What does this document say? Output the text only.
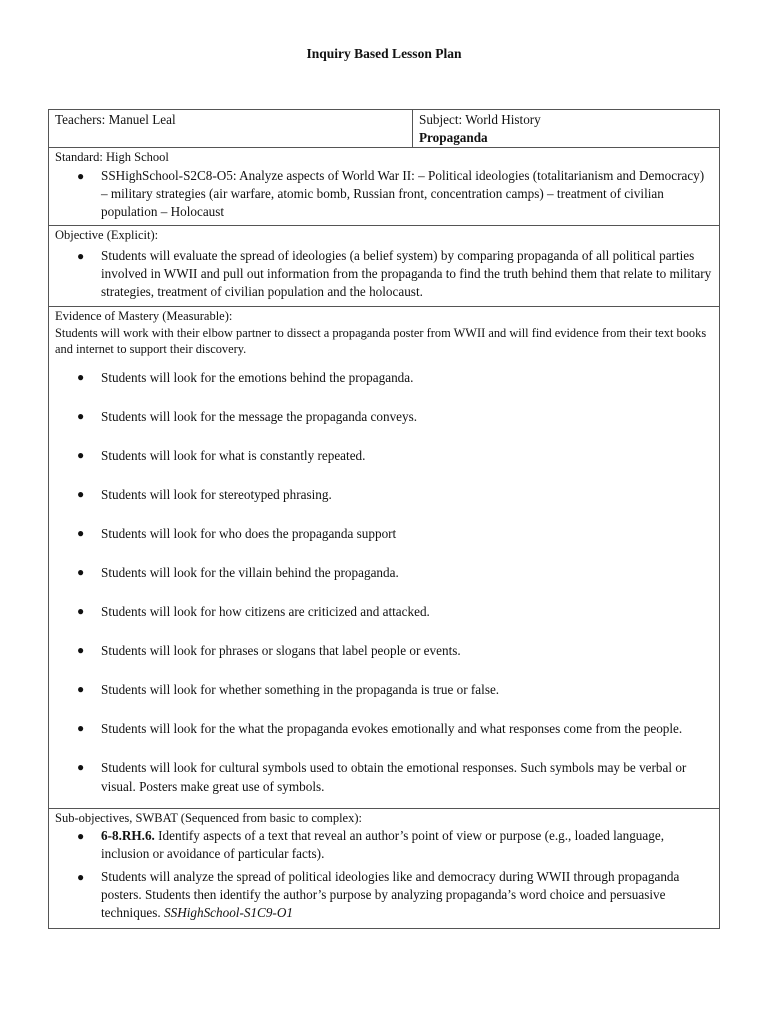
Inquiry Based Lesson Plan
Teachers: Manuel Leal	Subject: World History
Propaganda

Standard: High School
● SSHighSchool-S2C8-O5: Analyze aspects of World War II: – Political ideologies (totalitarianism and Democracy) – military strategies (air warfare, atomic bomb, Russian front, concentration camps) – treatment of civilian population – Holocaust

Objective (Explicit):
● Students will evaluate the spread of ideologies (a belief system) by comparing propaganda of all political parties involved in WWII and pull out information from the propaganda to find the truth behind them that relate to military strategies, treatment of civilian population and the holocaust.

Evidence of Mastery (Measurable):
Students will work with their elbow partner to dissect a propaganda poster from WWII and will find evidence from their text books and internet to support their discovery.
● Students will look for the emotions behind the propaganda.
● Students will look for the message the propaganda conveys.
● Students will look for what is constantly repeated.
● Students will look for stereotyped phrasing.
● Students will look for who does the propaganda support
● Students will look for the villain behind the propaganda.
● Students will look for how citizens are criticized and attacked.
● Students will look for phrases or slogans that label people or events.
● Students will look for whether something in the propaganda is true or false.
● Students will look for the what the propaganda evokes emotionally and what responses come from the people.
● Students will look for cultural symbols used to obtain the emotional responses. Such symbols may be verbal or visual. Posters make great use of symbols.

Sub-objectives, SWBAT (Sequenced from basic to complex):
● 6-8.RH.6. Identify aspects of a text that reveal an author’s point of view or purpose (e.g., loaded language, inclusion or avoidance of particular facts).
● Students will analyze the spread of political ideologies like and democracy during WWII through propaganda posters. Students then identify the author’s purpose by analyzing propaganda’s word choice and persuasive techniques. SSHighSchool-S1C9-O1
